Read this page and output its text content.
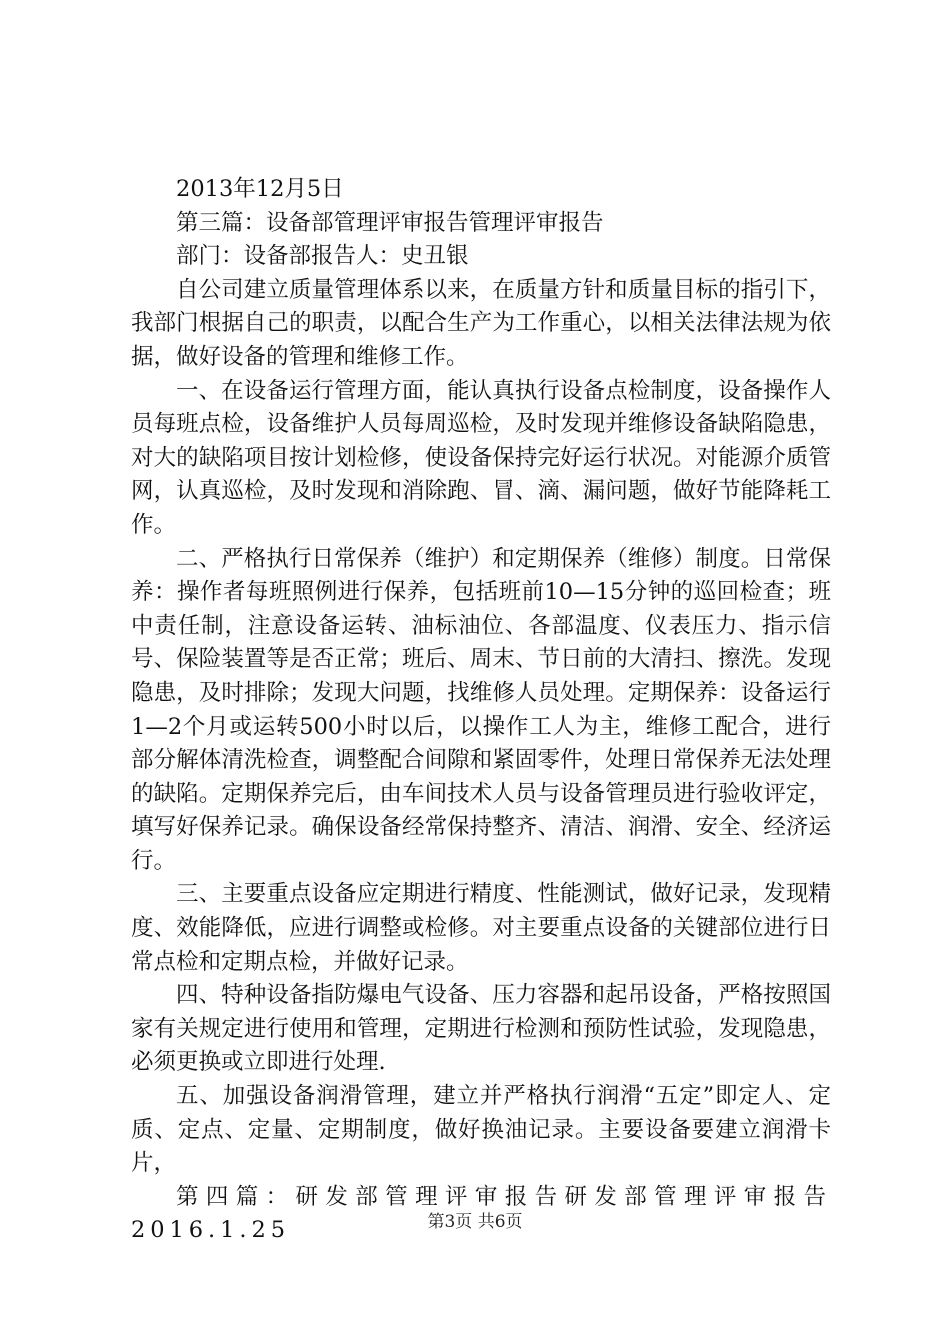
2013年12月5日

第三篇：设备部管理评审报告管理评审报告

部门：设备部报告人：史丑银

自公司建立质量管理体系以来，在质量方针和质量目标的指引下，我部门根据自己的职责，以配合生产为工作重心，以相关法律法规为依据，做好设备的管理和维修工作。

一、在设备运行管理方面，能认真执行设备点检制度，设备操作人员每班点检，设备维护人员每周巡检，及时发现并维修设备缺陷隐患，对大的缺陷项目按计划检修，使设备保持完好运行状况。对能源介质管网，认真巡检，及时发现和消除跑、冒、滴、漏问题，做好节能降耗工作。

二、严格执行日常保养（维护）和定期保养（维修）制度。日常保养：操作者每班照例进行保养，包括班前10—15分钟的巡回检查；班中责任制，注意设备运转、油标油位、各部温度、仪表压力、指示信号、保险装置等是否正常；班后、周末、节日前的大清扫、擦洗。发现隐患，及时排除；发现大问题，找维修人员处理。定期保养：设备运行1—2个月或运转500小时以后，以操作工人为主，维修工配合，进行部分解体清洗检查，调整配合间隙和紧固零件，处理日常保养无法处理的缺陷。定期保养完后，由车间技术人员与设备管理员进行验收评定，填写好保养记录。确保设备经常保持整齐、清洁、润滑、安全、经济运行。

三、主要重点设备应定期进行精度、性能测试，做好记录，发现精度、效能降低，应进行调整或检修。对主要重点设备的关键部位进行日常点检和定期点检，并做好记录。

四、特种设备指防爆电气设备、压力容器和起吊设备，严格按照国家有关规定进行使用和管理，定期进行检测和预防性试验，发现隐患，必须更换或立即进行处理.

五、加强设备润滑管理，建立并严格执行润滑“五定”即定人、定质、定点、定量、定期制度，做好换油记录。主要设备要建立润滑卡片，

第四篇：研发部管理评审报告研发部管理评审报告2016.1.25	第3页 共6页
